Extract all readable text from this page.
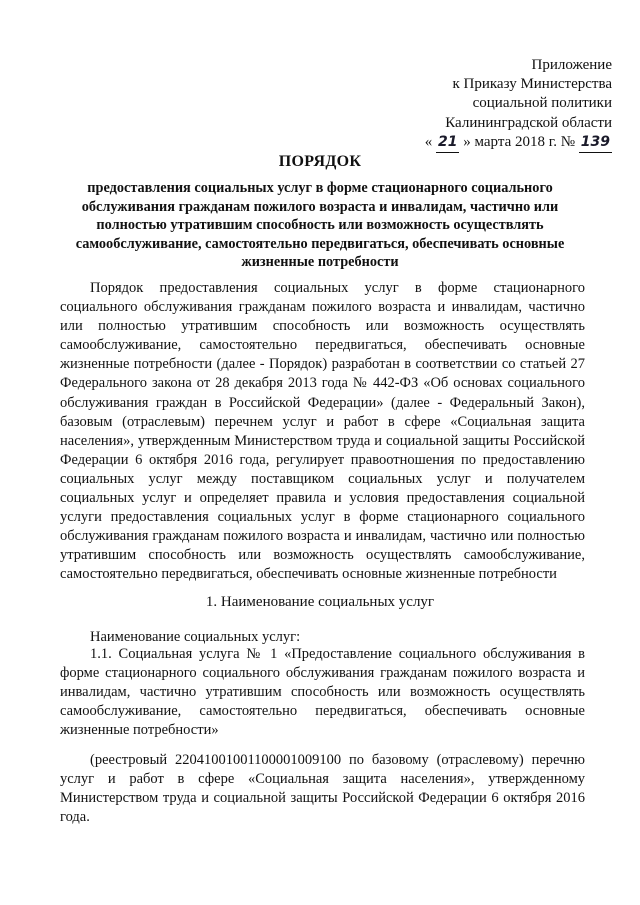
Приложение
к Приказу Министерства
социальной политики
Калининградской области
« 21 » марта 2018 г. № 139
ПОРЯДОК
предоставления социальных услуг в форме стационарного социального обслуживания гражданам пожилого возраста и инвалидам, частично или полностью утратившим способность или возможность осуществлять самообслуживание, самостоятельно передвигаться, обеспечивать основные жизненные потребности
Порядок предоставления социальных услуг в форме стационарного социального обслуживания гражданам пожилого возраста и инвалидам, частично или полностью утратившим способность или возможность осуществлять самообслуживание, самостоятельно передвигаться, обеспечивать основные жизненные потребности (далее - Порядок) разработан в соответствии со статьей 27 Федерального закона от 28 декабря 2013 года № 442-ФЗ «Об основах социального обслуживания граждан в Российской Федерации» (далее - Федеральный Закон), базовым (отраслевым) перечнем услуг и работ в сфере «Социальная защита населения», утвержденным Министерством труда и социальной защиты Российской Федерации 6 октября 2016 года, регулирует правоотношения по предоставлению социальных услуг между поставщиком социальных услуг и получателем социальных услуг и определяет правила и условия предоставления социальной услуги предоставления социальных услуг в форме стационарного социального обслуживания гражданам пожилого возраста и инвалидам, частично или полностью утратившим способность или возможность осуществлять самообслуживание, самостоятельно передвигаться, обеспечивать основные жизненные потребности
1. Наименование социальных услуг
Наименование социальных услуг:
1.1. Социальная услуга № 1 «Предоставление социального обслуживания в форме стационарного социального обслуживания гражданам пожилого возраста и инвалидам, частично утратившим способность или возможность осуществлять самообслуживание, самостоятельно передвигаться, обеспечивать основные жизненные потребности»
(реестровый 22041001001100001009100 по базовому (отраслевому) перечню услуг и работ в сфере «Социальная защита населения», утвержденному Министерством труда и социальной защиты Российской Федерации 6 октября 2016 года.
